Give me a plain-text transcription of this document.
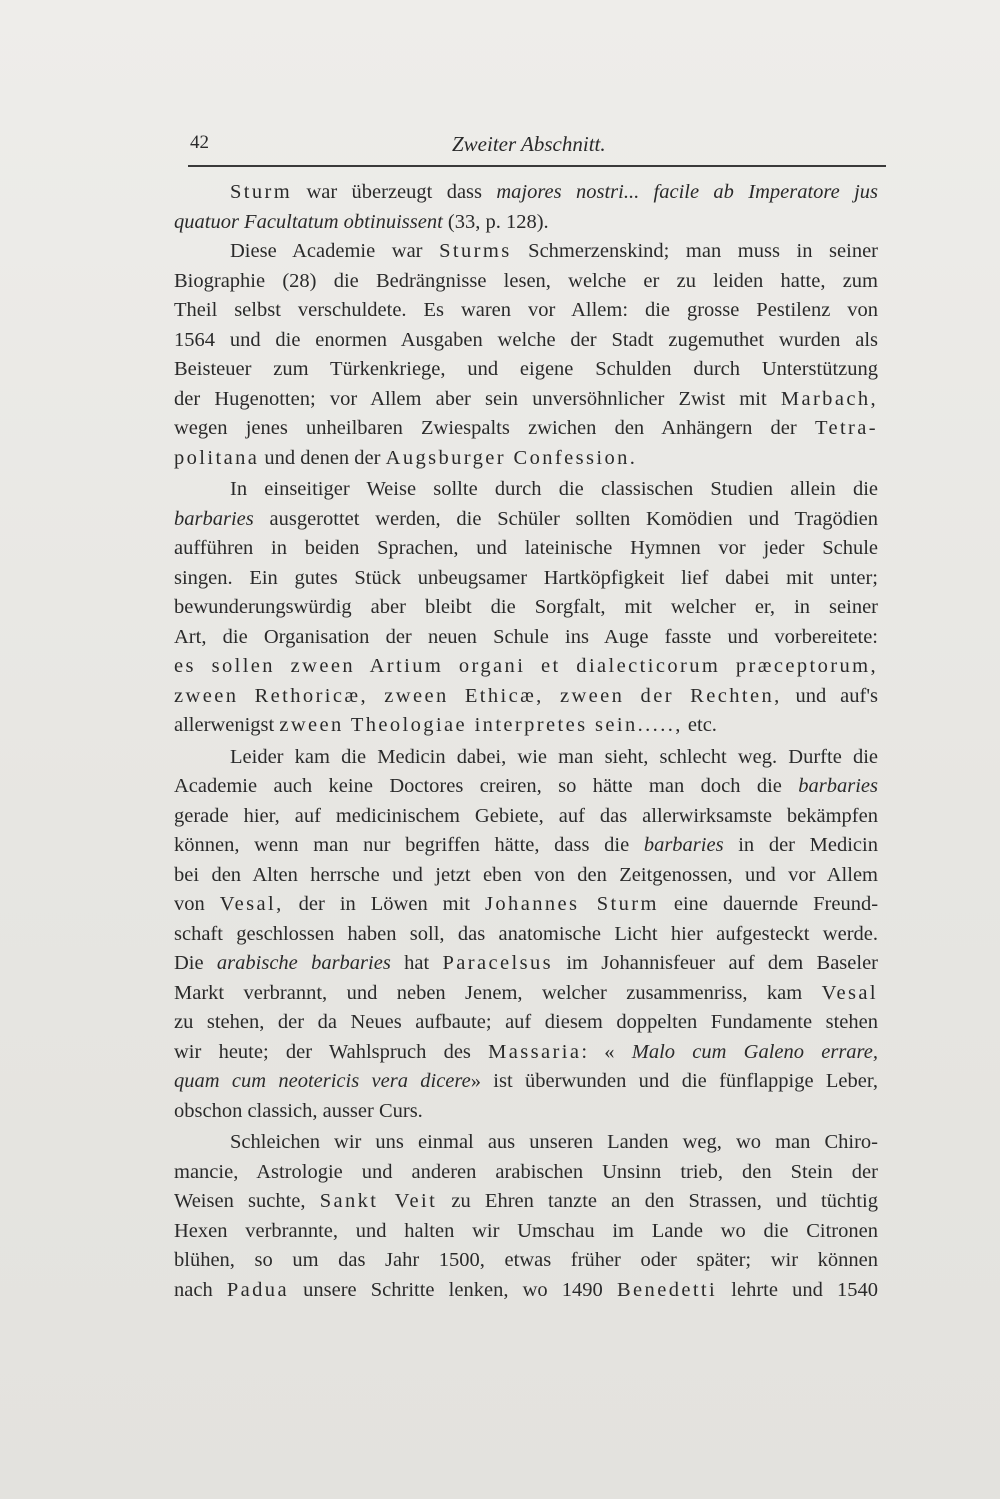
42	Zweiter Abschnitt.
Sturm war überzeugt dass majores nostri... facile ab Imperatore jus
quatuor Facultatum obtinuissent (33, p. 128).
Diese Academie war Sturms Schmerzenskind; man muss in seiner
Biographie (28) die Bedrängnisse lesen, welche er zu leiden hatte, zum
Theil selbst verschuldete. Es waren vor Allem: die grosse Pestilenz von
1564 und die enormen Ausgaben welche der Stadt zugemuthet wurden als
Beisteuer zum Türkenkriege, und eigene Schulden durch Unterstützung
der Hugenotten; vor Allem aber sein unversöhnlicher Zwist mit Marbach,
wegen jenes unheilbaren Zwiespalts zwichen den Anhängern der Tetra-
politana und denen der Augsburger Confession.
In einseitiger Weise sollte durch die classischen Studien allein die
barbaries ausgerottet werden, die Schüler sollten Komödien und Tragödien
aufführen in beiden Sprachen, und lateinische Hymnen vor jeder Schule
singen. Ein gutes Stück unbeugsamer Hartköpfigkeit lief dabei mit unter;
bewunderungswürdig aber bleibt die Sorgfalt, mit welcher er, in seiner
Art, die Organisation der neuen Schule ins Auge fasste und vorbereitete:
es sollen zween Artium organi et dialecticorum præceptorum,
zween Rethoricæ, zween Ethicæ, zween der Rechten, und auf's
allerwenigst zween Theologiae interpretes sein....., etc.
Leider kam die Medicin dabei, wie man sieht, schlecht weg. Durfte die
Academie auch keine Doctores creiren, so hätte man doch die barbaries
gerade hier, auf medicinischem Gebiete, auf das allerwirksamste bekämpfen
können, wenn man nur begriffen hätte, dass die barbaries in der Medicin
bei den Alten herrsche und jetzt eben von den Zeitgenossen, und vor Allem
von Vesal, der in Löwen mit Johannes Sturm eine dauernde Freund-
schaft geschlossen haben soll, das anatomische Licht hier aufgesteckt werde.
Die arabische barbaries hat Paracelsus im Johannisfeuer auf dem Baseler
Markt verbrannt, und neben Jenem, welcher zusammenriss, kam Vesal
zu stehen, der da Neues aufbaute; auf diesem doppelten Fundamente stehen
wir heute; der Wahlspruch des Massaria: « Malo cum Galeno errare,
quam cum neotericis vera dicere» ist überwunden und die fünflappige Leber,
obschon classich, ausser Curs.
Schleichen wir uns einmal aus unseren Landen weg, wo man Chiro-
mancie, Astrologie und anderen arabischen Unsinn trieb, den Stein der
Weisen suchte, Sankt Veit zu Ehren tanzte an den Strassen, und tüchtig
Hexen verbrannte, und halten wir Umschau im Lande wo die Citronen
blühen, so um das Jahr 1500, etwas früher oder später; wir können
nach Padua unsere Schritte lenken, wo 1490 Benedetti lehrte und 1540
